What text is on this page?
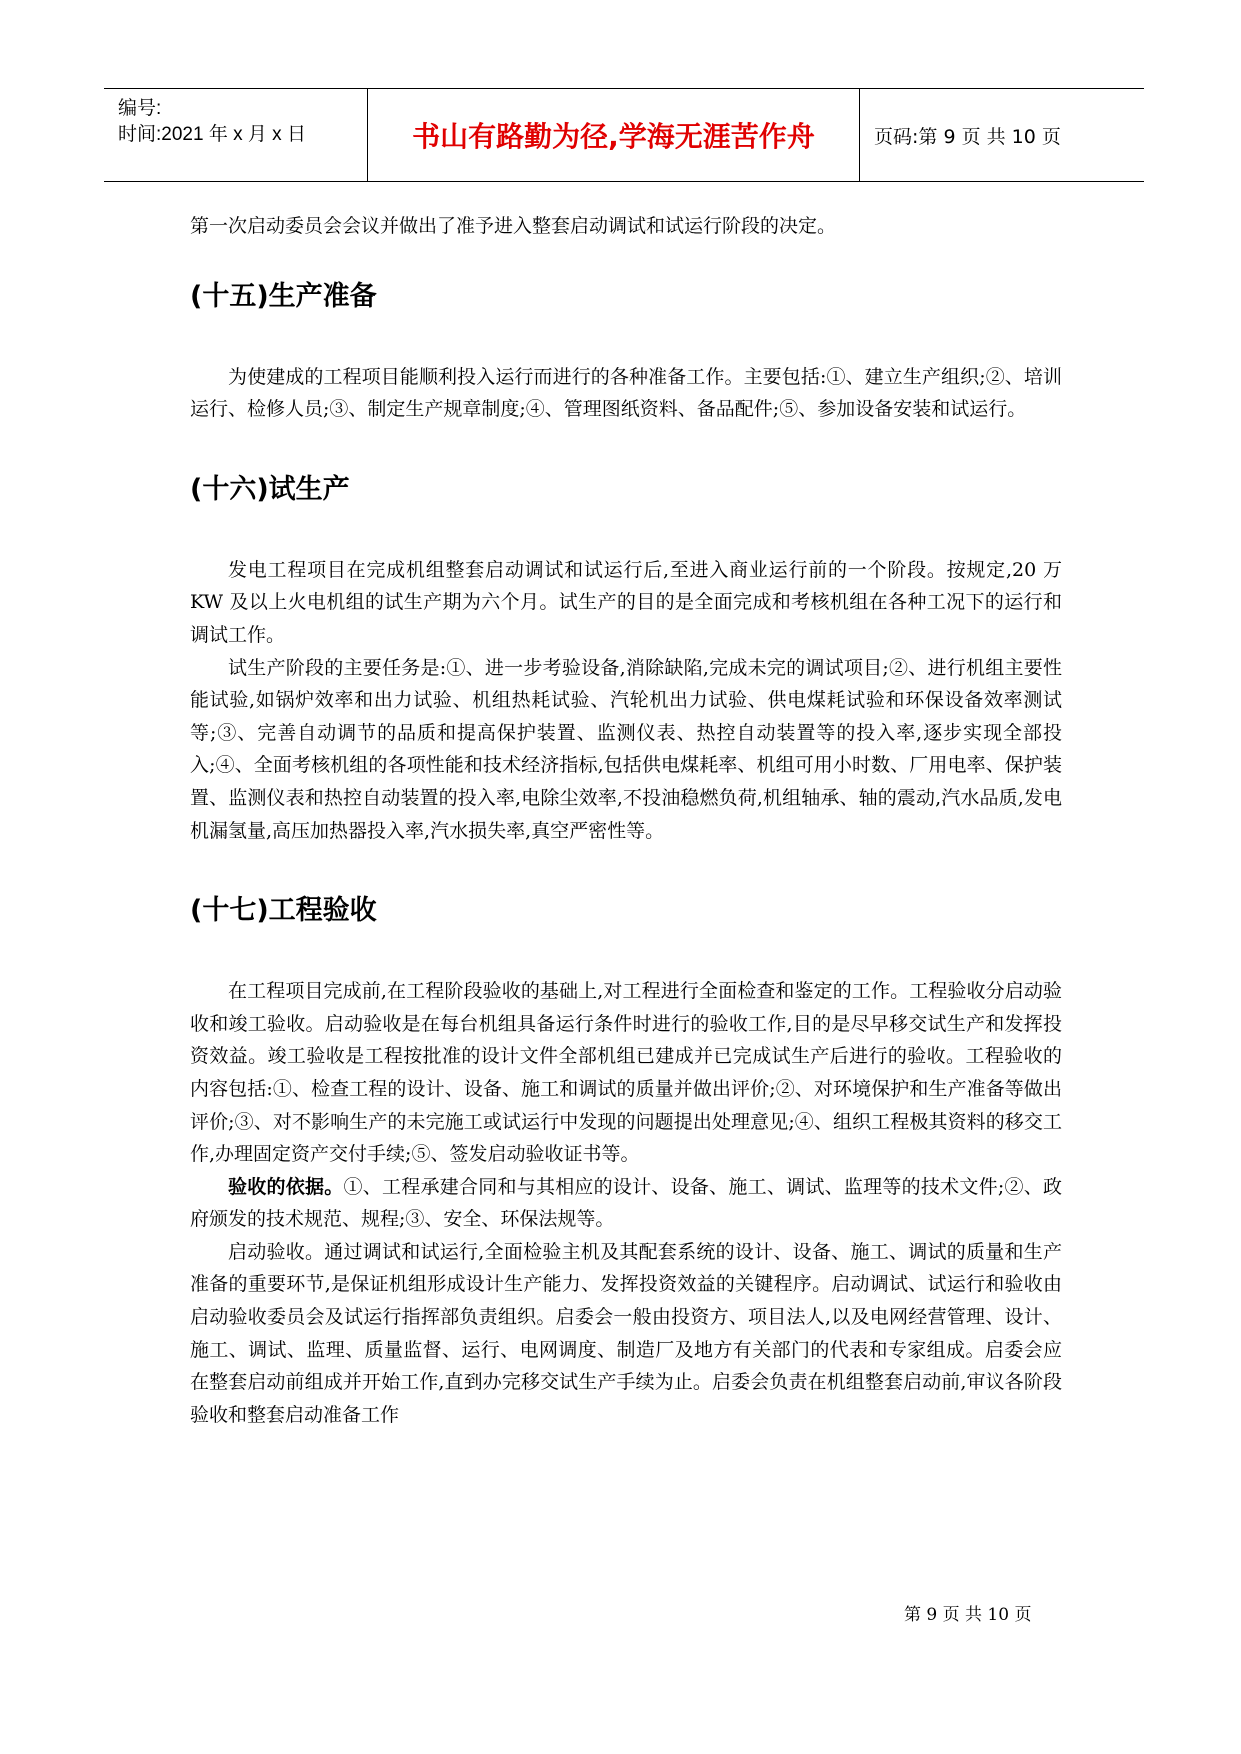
编号:
时间:2021 年 x 月 x 日	书山有路勤为径,学海无涯苦作舟	页码:第 9 页 共 10 页

第一次启动委员会会议并做出了准予进入整套启动调试和试运行阶段的决定。

(十五)生产准备

为使建成的工程项目能顺利投入运行而进行的各种准备工作。主要包括:①、建立生产组织;②、培训运行、检修人员;③、制定生产规章制度;④、管理图纸资料、备品配件;⑤、参加设备安装和试运行。

(十六)试生产

发电工程项目在完成机组整套启动调试和试运行后,至进入商业运行前的一个阶段。按规定,20 万 KW 及以上火电机组的试生产期为六个月。试生产的目的是全面完成和考核机组在各种工况下的运行和调试工作。

试生产阶段的主要任务是:①、进一步考验设备,消除缺陷,完成未完的调试项目;②、进行机组主要性能试验,如锅炉效率和出力试验、机组热耗试验、汽轮机出力试验、供电煤耗试验和环保设备效率测试等;③、完善自动调节的品质和提高保护装置、监测仪表、热控自动装置等的投入率,逐步实现全部投入;④、全面考核机组的各项性能和技术经济指标,包括供电煤耗率、机组可用小时数、厂用电率、保护装置、监测仪表和热控自动装置的投入率,电除尘效率,不投油稳燃负荷,机组轴承、轴的震动,汽水品质,发电机漏氢量,高压加热器投入率,汽水损失率,真空严密性等。

(十七)工程验收

在工程项目完成前,在工程阶段验收的基础上,对工程进行全面检查和鉴定的工作。工程验收分启动验收和竣工验收。启动验收是在每台机组具备运行条件时进行的验收工作,目的是尽早移交试生产和发挥投资效益。竣工验收是工程按批准的设计文件全部机组已建成并已完成试生产后进行的验收。工程验收的内容包括:①、检查工程的设计、设备、施工和调试的质量并做出评价;②、对环境保护和生产准备等做出评价;③、对不影响生产的未完施工或试运行中发现的问题提出处理意见;④、组织工程极其资料的移交工作,办理固定资产交付手续;⑤、签发启动验收证书等。

验收的依据。①、工程承建合同和与其相应的设计、设备、施工、调试、监理等的技术文件;②、政府颁发的技术规范、规程;③、安全、环保法规等。

启动验收。通过调试和试运行,全面检验主机及其配套系统的设计、设备、施工、调试的质量和生产准备的重要环节,是保证机组形成设计生产能力、发挥投资效益的关键程序。启动调试、试运行和验收由启动验收委员会及试运行指挥部负责组织。启委会一般由投资方、项目法人,以及电网经营管理、设计、施工、调试、监理、质量监督、运行、电网调度、制造厂及地方有关部门的代表和专家组成。启委会应在整套启动前组成并开始工作,直到办完移交试生产手续为止。启委会负责在机组整套启动前,审议各阶段验收和整套启动准备工作

第 9 页 共 10 页
